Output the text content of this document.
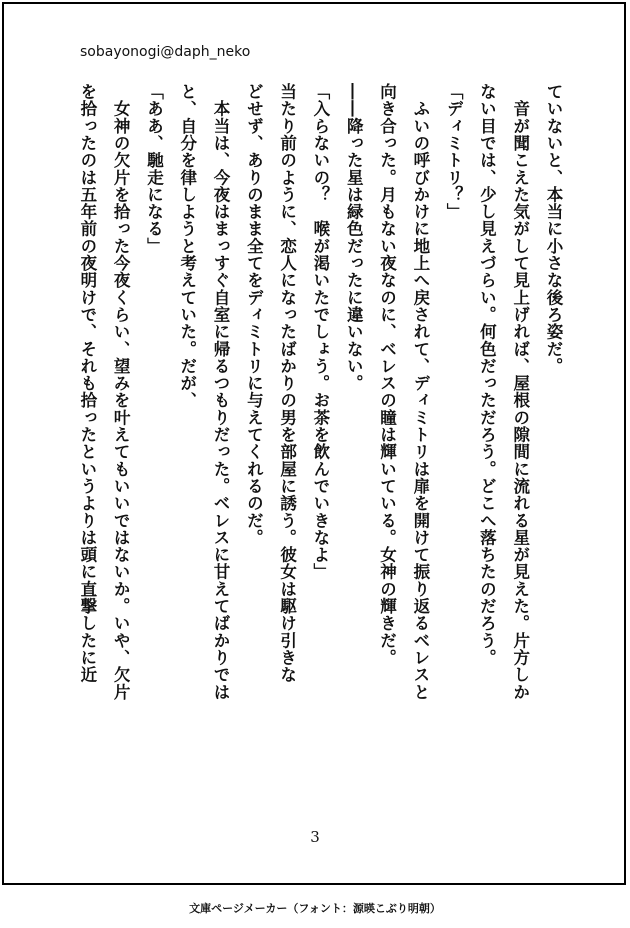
sobayonogi@daph_neko

ていないと、本当に小さな後ろ姿だ。

　音が聞こえた気がして見上げれば、屋根の隙間に流れる星が見えた。片方しか

ない目では、少し見えづらい。何色だっただろう。どこへ落ちたのだろう。

「ディミトリ？」

　ふいの呼びかけに地上へ戻されて、ディミトリは扉を開けて振り返るベレスと

向き合った。月もない夜なのに、ベレスの瞳は輝いている。女神の輝きだ。

――降った星は緑色だったに違いない。

「入らないの？　喉が渇いたでしょう。お茶を飲んでいきなよ」

当たり前のように、恋人になったばかりの男を部屋に誘う。彼女は駆け引きな

どせず、ありのまま全てをディミトリに与えてくれるのだ。

　本当は、今夜はまっすぐ自室に帰るつもりだった。ベレスに甘えてばかりでは

と、自分を律しようと考えていた。だが、

「ああ、馳走になる」

　女神の欠片を拾った今夜くらい、望みを叶えてもいいではないか。いや、欠片

を拾ったのは五年前の夜明けで、それも拾ったというよりは頭に直撃したに近

3
文庫ページメーカー（フォント：源暎こぶり明朝）
